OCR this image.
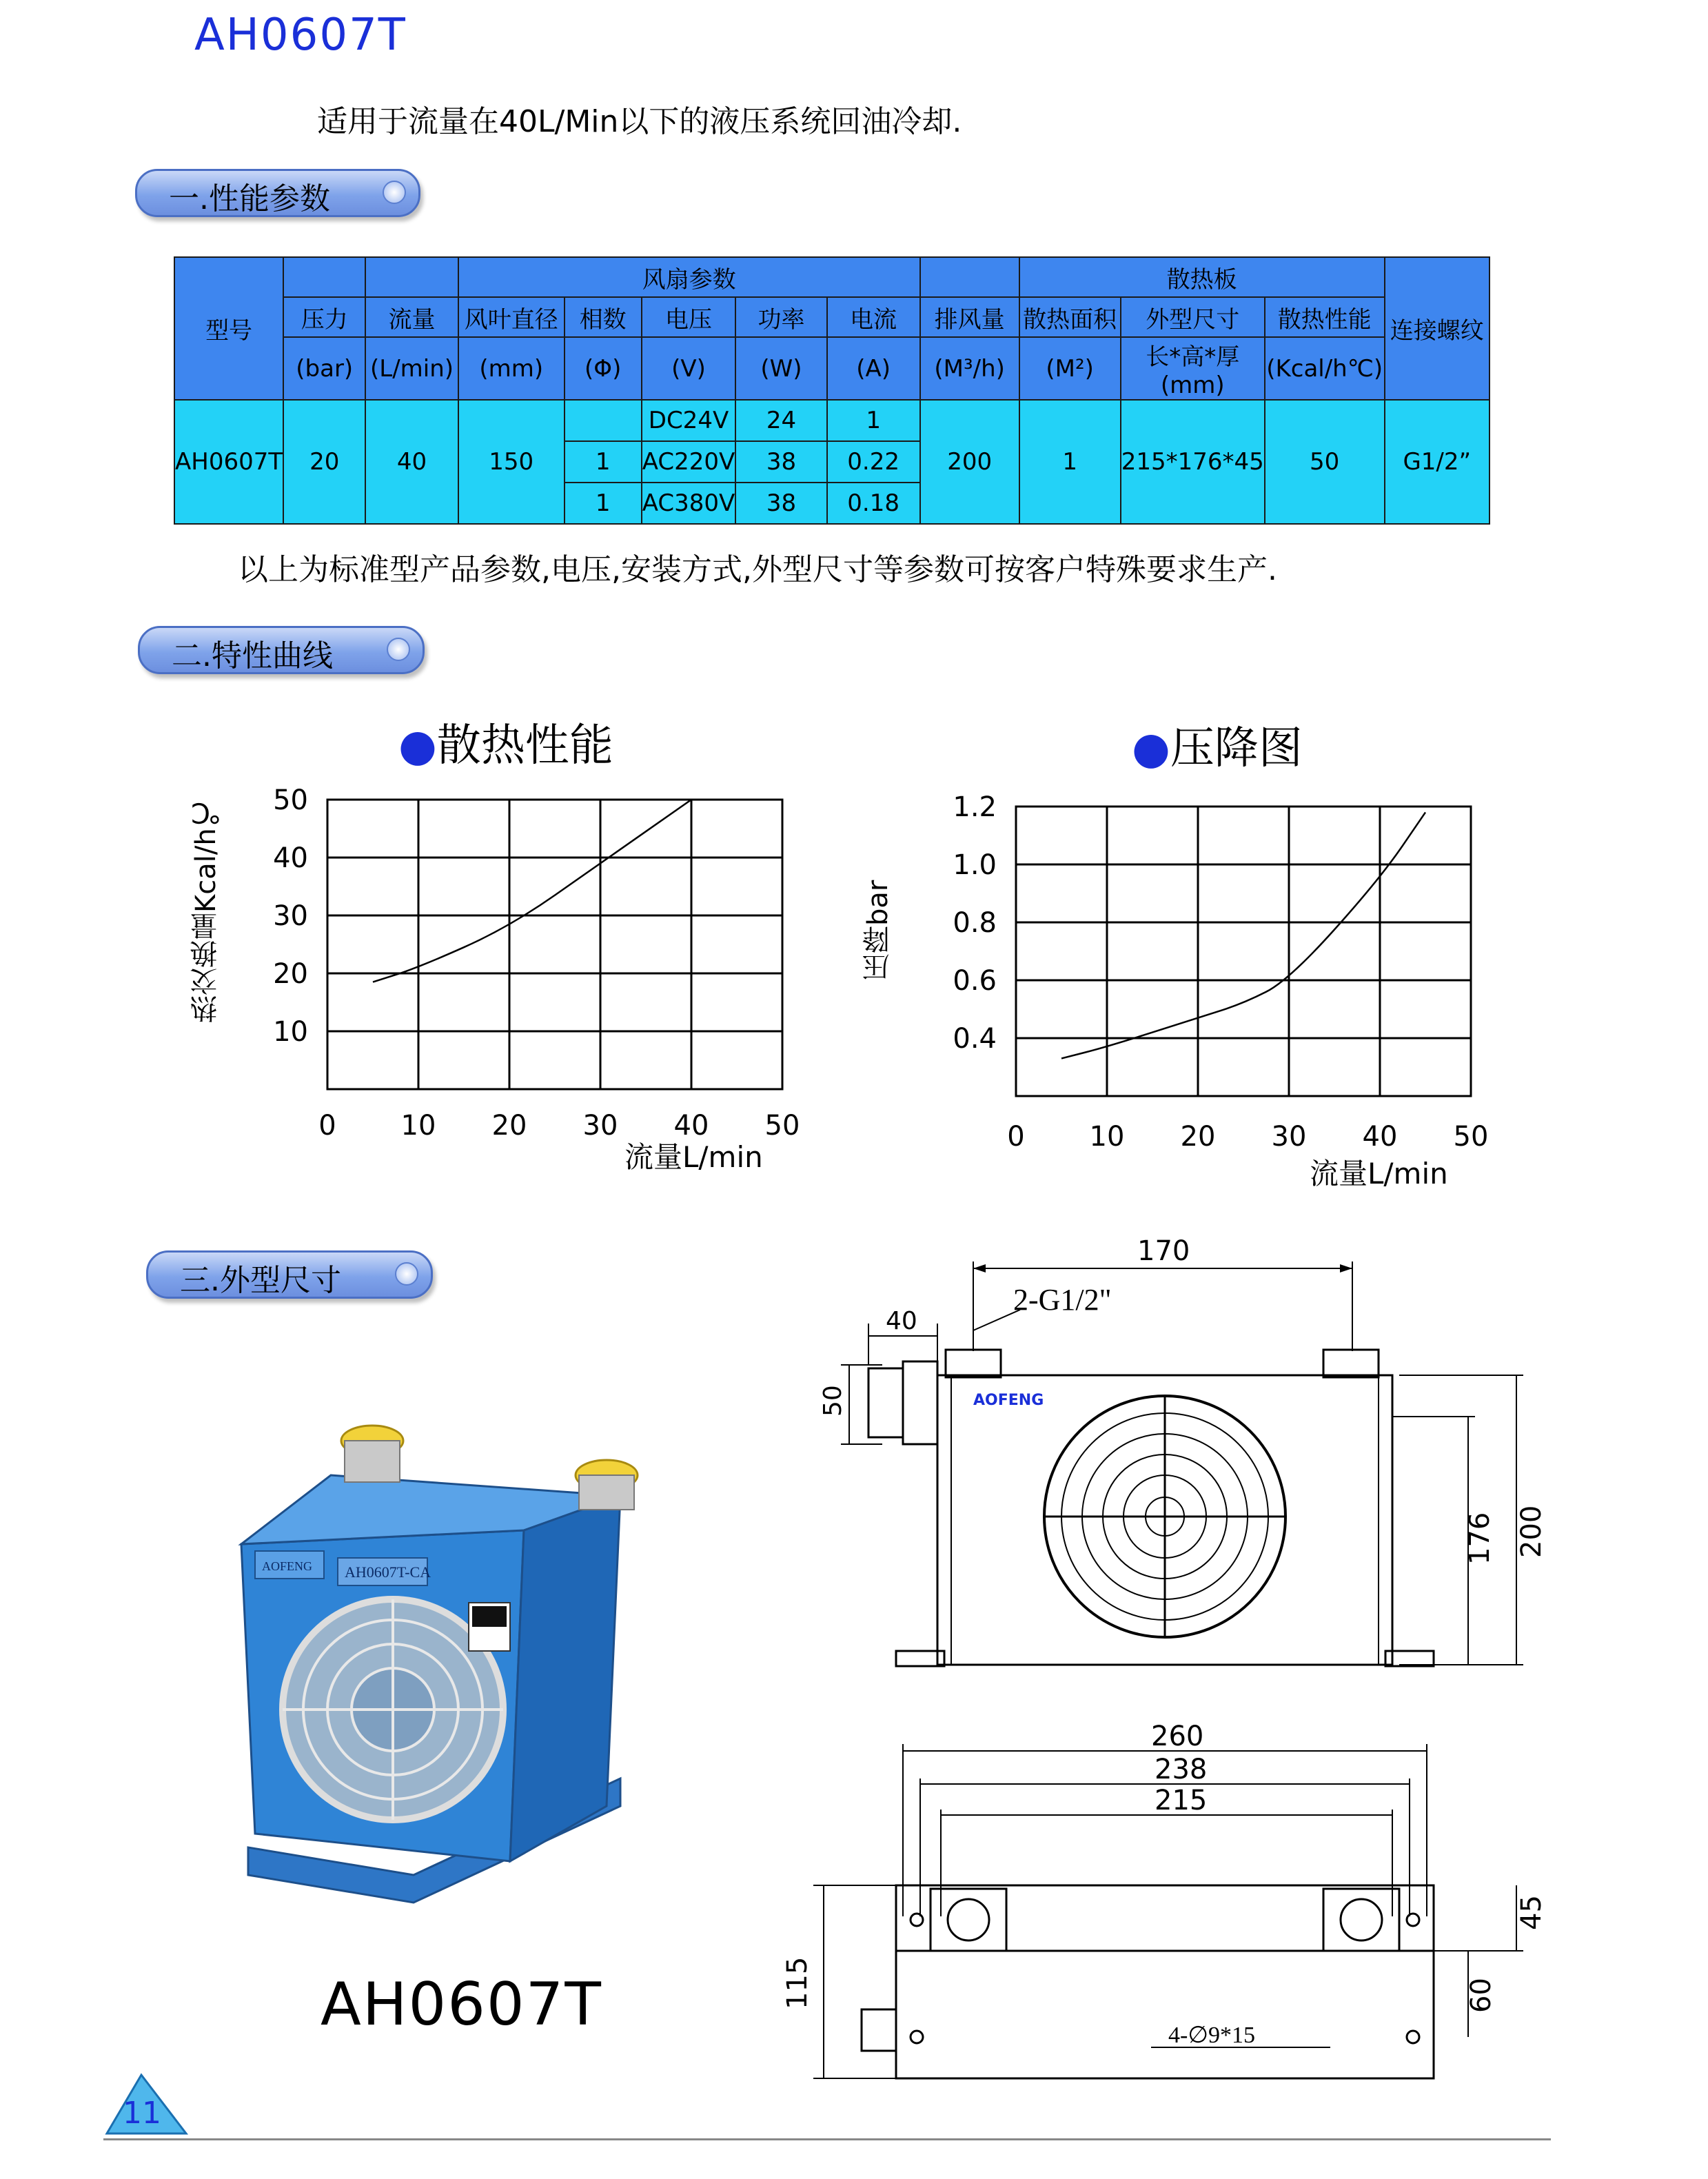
AH0607T
适用于流量在40L/Min以下的液压系统回油冷却.
一.性能参数
型号			风扇参数						散热板			连接螺纹
	压力	流量	风叶直径	相数	电压	功率	电流	排风量	散热面积	外型尺寸	散热性能	
	(bar)	(L/min)	(mm)	(Φ)	(V)	(W)	(A)	(M³/h)	(M²)	长*高*厚(mm)	(Kcal/h℃)	
AH0607T	20	40	150		DC24V	24	1	200	1	215*176*45	50	G1/2”
				1	AC220V	38	0.22					
				1	AC380V	38	0.18					
以上为标准型产品参数,电压,安装方式,外型尺寸等参数可按客户特殊要求生产.
二.特性曲线
●散热性能
热交换量Kcal/h℃
流量L/min
0 10 20 30 40 50
10
20
30
40
50
●压降图
压降bar
流量L/min
0 10 20 30 40 50
1.2
1.0
0.8
0.6
0.4
三.外型尺寸
AH0607T-CA
AOFENG
AH0607T
170
2-G1/2"
40
50	AOFENG
176 200
260
238
215
4-∅9*15
115
45
60
11
